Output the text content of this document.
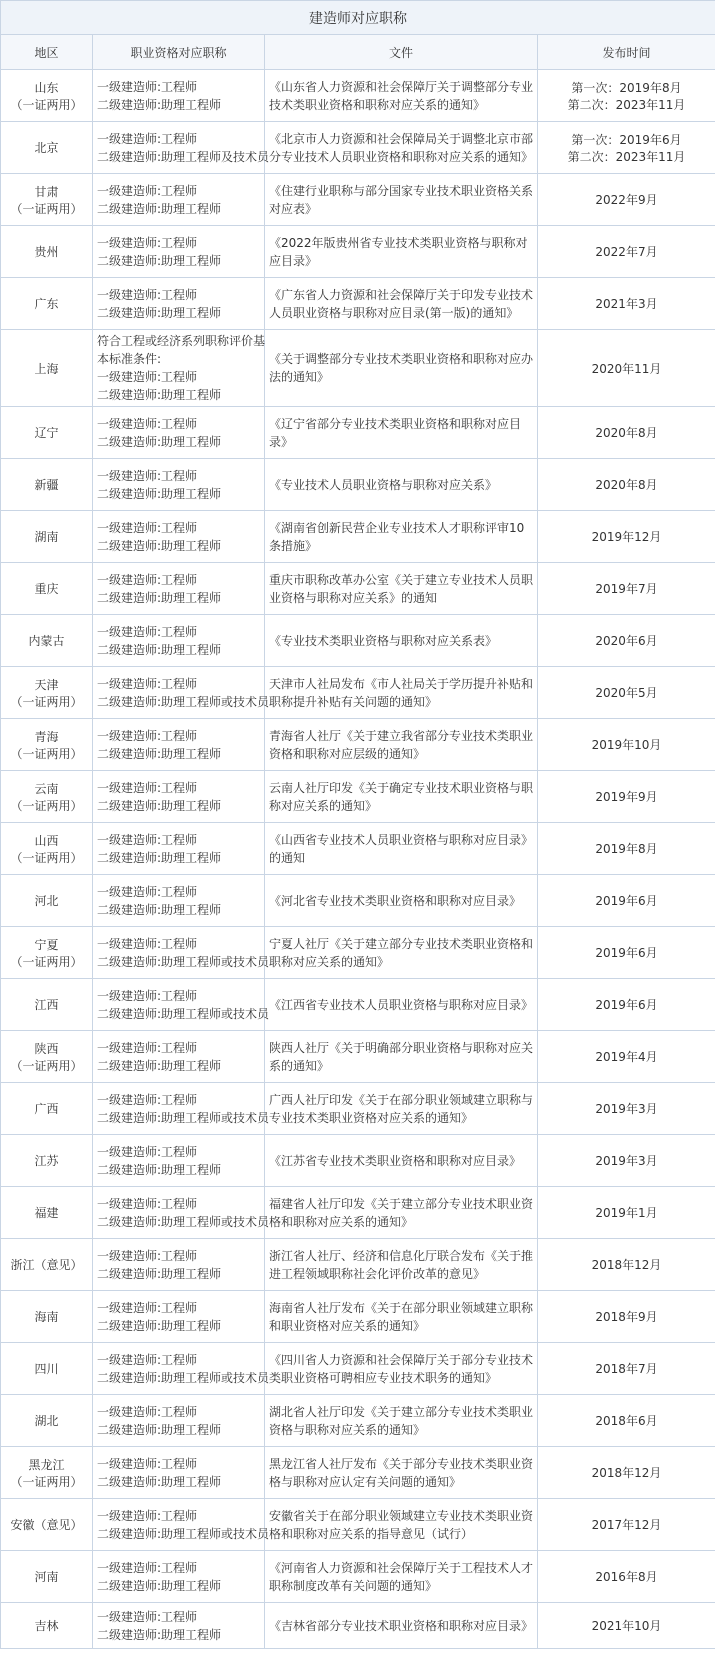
建造师对应职称			
地区	职业资格对应职称	文件	发布时间

山东
（一证两用）	一级建造师:工程师
二级建造师:助理工程师	《山东省人力资源和社会保障厅关于调整部分专业技术类职业资格和职称对应关系的通知》	第一次：2019年8月
第二次：2023年11月

北京	一级建造师:工程师
二级建造师:助理工程师及技术员	《北京市人力资源和社会保障局关于调整北京市部分专业技术人员职业资格和职称对应关系的通知》	第一次：2019年6月
第二次：2023年11月

甘肃
（一证两用）	一级建造师:工程师
二级建造师:助理工程师	《住建行业职称与部分国家专业技术职业资格关系对应表》	2022年9月

贵州	一级建造师:工程师
二级建造师:助理工程师	《2022年版贵州省专业技术类职业资格与职称对应目录》	2022年7月

广东	一级建造师:工程师
二级建造师:助理工程师	《广东省人力资源和社会保障厅关于印发专业技术人员职业资格与职称对应目录(第一版)的通知》	2021年3月

上海	符合工程或经济系列职称评价基
本标准条件:
一级建造师:工程师
二级建造师:助理工程师	《关于调整部分专业技术类职业资格和职称对应办法的通知》	2020年11月

辽宁	一级建造师:工程师
二级建造师:助理工程师	《辽宁省部分专业技术类职业资格和职称对应目录》	2020年8月

新疆	一级建造师:工程师
二级建造师:助理工程师	《专业技术人员职业资格与职称对应关系》	2020年8月

湖南	一级建造师:工程师
二级建造师:助理工程师	《湖南省创新民营企业专业技术人才职称评审10条措施》	2019年12月

重庆	一级建造师:工程师
二级建造师:助理工程师	重庆市职称改革办公室《关于建立专业技术人员职业资格与职称对应关系》的通知	2019年7月

内蒙古	一级建造师:工程师
二级建造师:助理工程师	《专业技术类职业资格与职称对应关系表》	2020年6月

天津
（一证两用）	一级建造师:工程师
二级建造师:助理工程师或技术员	天津市人社局发布《市人社局关于学历提升补贴和职称提升补贴有关问题的通知》	2020年5月

青海
（一证两用）	一级建造师:工程师
二级建造师:助理工程师	青海省人社厅《关于建立我省部分专业技术类职业资格和职称对应层级的通知》	2019年10月

云南
（一证两用）	一级建造师:工程师
二级建造师:助理工程师	云南人社厅印发《关于确定专业技术职业资格与职称对应关系的通知》	2019年9月

山西
（一证两用）	一级建造师:工程师
二级建造师:助理工程师	《山西省专业技术人员职业资格与职称对应目录》的通知	2019年8月

河北	一级建造师:工程师
二级建造师:助理工程师	《河北省专业技术类职业资格和职称对应目录》	2019年6月

宁夏
（一证两用）	一级建造师:工程师
二级建造师:助理工程师或技术员	宁夏人社厅《关于建立部分专业技术类职业资格和职称对应关系的通知》	2019年6月

江西	一级建造师:工程师
二级建造师:助理工程师或技术员	《江西省专业技术人员职业资格与职称对应目录》	2019年6月

陕西
（一证两用）	一级建造师:工程师
二级建造师:助理工程师	陕西人社厅《关于明确部分职业资格与职称对应关系的通知》	2019年4月

广西	一级建造师:工程师
二级建造师:助理工程师或技术员	广西人社厅印发《关于在部分职业领域建立职称与专业技术类职业资格对应关系的通知》	2019年3月

江苏	一级建造师:工程师
二级建造师:助理工程师	《江苏省专业技术类职业资格和职称对应目录》	2019年3月

福建	一级建造师:工程师
二级建造师:助理工程师或技术员	福建省人社厅印发《关于建立部分专业技术职业资格和职称对应关系的通知》	2019年1月

浙江（意见）	一级建造师:工程师
二级建造师:助理工程师	浙江省人社厅、经济和信息化厅联合发布《关于推进工程领域职称社会化评价改革的意见》	2018年12月

海南	一级建造师:工程师
二级建造师:助理工程师	海南省人社厅发布《关于在部分职业领域建立职称和职业资格对应关系的通知》	2018年9月

四川	一级建造师:工程师
二级建造师:助理工程师或技术员	《四川省人力资源和社会保障厅关于部分专业技术类职业资格可聘相应专业技术职务的通知》	2018年7月

湖北	一级建造师:工程师
二级建造师:助理工程师	湖北省人社厅印发《关于建立部分专业技术类职业资格与职称对应关系的通知》	2018年6月

黑龙江
（一证两用）	一级建造师:工程师
二级建造师:助理工程师	黑龙江省人社厅发布《关于部分专业技术类职业资格与职称对应认定有关问题的通知》	2018年12月

安徽（意见）	一级建造师:工程师
二级建造师:助理工程师或技术员	安徽省关于在部分职业领域建立专业技术类职业资格和职称对应关系的指导意见（试行）	2017年12月

河南	一级建造师:工程师
二级建造师:助理工程师	《河南省人力资源和社会保障厅关于工程技术人才职称制度改革有关问题的通知》	2016年8月

吉林	一级建造师:工程师
二级建造师:助理工程师	《吉林省部分专业技术职业资格和职称对应目录》	2021年10月
